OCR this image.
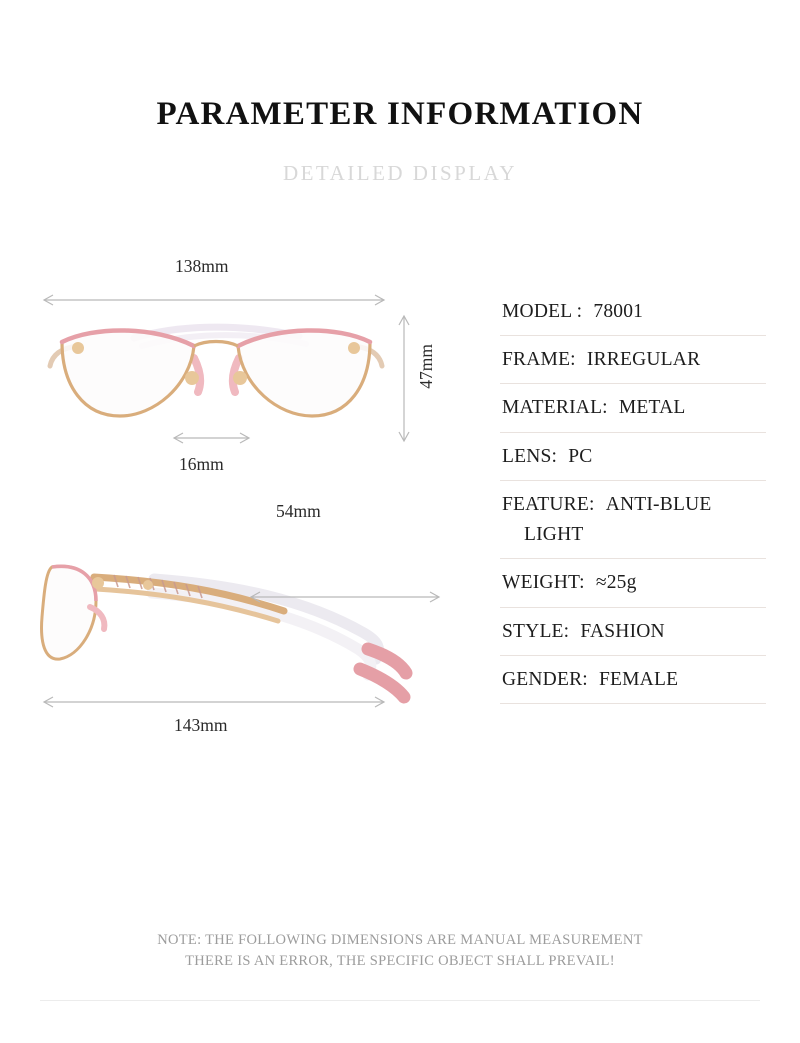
PARAMETER INFORMATION
DETAILED DISPLAY
138mm
47mm
16mm
54mm
143mm
MODEL : 78001
FRAME: IRREGULAR
MATERIAL: METAL
LENS: PC
FEATURE: ANTI-BLUE
LIGHT
WEIGHT: ≈25g
STYLE: FASHION
GENDER: FEMALE
NOTE: THE FOLLOWING DIMENSIONS ARE MANUAL MEASUREMENT
THERE IS AN ERROR, THE SPECIFIC OBJECT SHALL PREVAIL!
